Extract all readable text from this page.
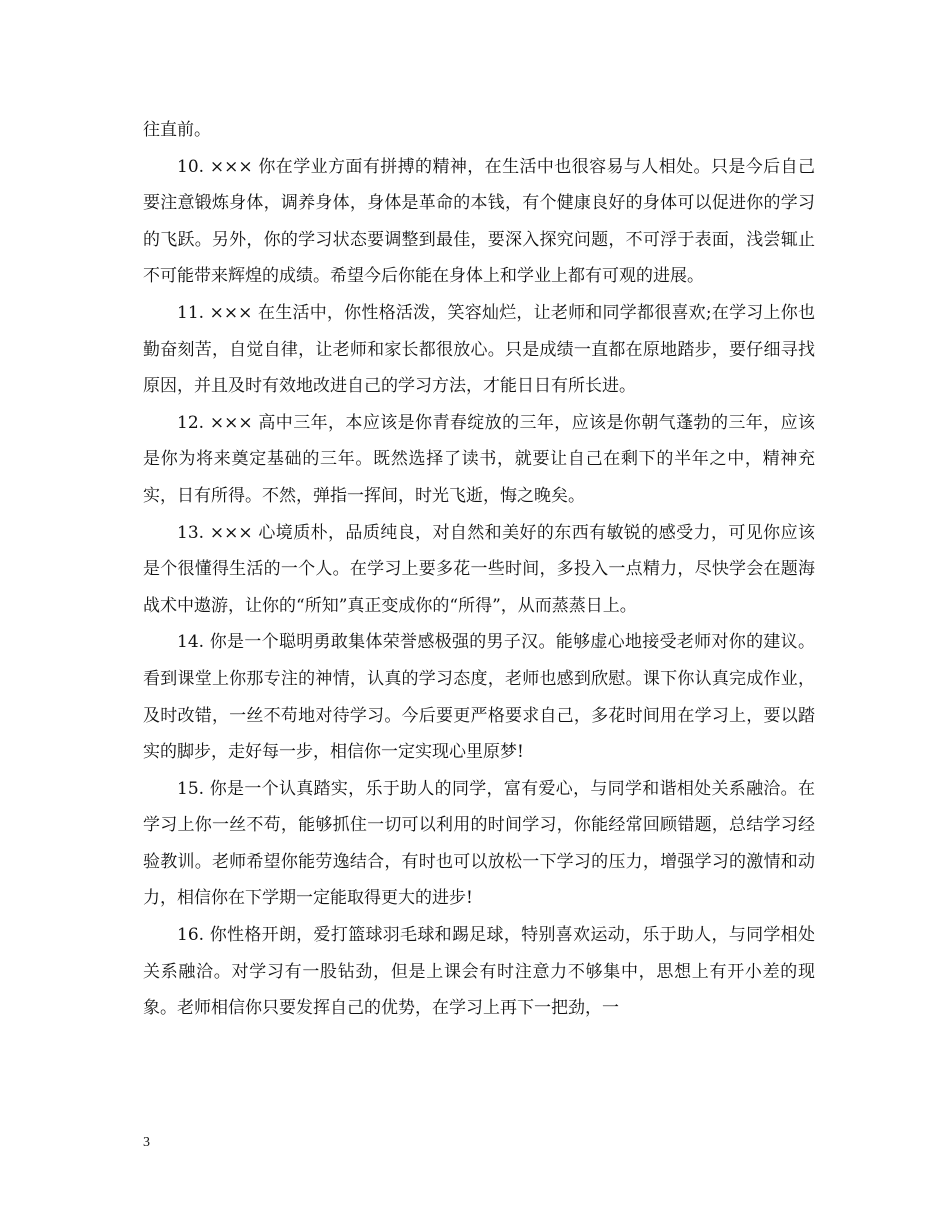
往直前。

10. ××× 你在学业方面有拼搏的精神，在生活中也很容易与人相处。只是今后自己要注意锻炼身体，调养身体，身体是革命的本钱，有个健康良好的身体可以促进你的学习的飞跃。另外，你的学习状态要调整到最佳，要深入探究问题，不可浮于表面，浅尝辄止不可能带来辉煌的成绩。希望今后你能在身体上和学业上都有可观的进展。

11. ××× 在生活中，你性格活泼，笑容灿烂，让老师和同学都很喜欢;在学习上你也勤奋刻苦，自觉自律，让老师和家长都很放心。只是成绩一直都在原地踏步，要仔细寻找原因，并且及时有效地改进自己的学习方法，才能日日有所长进。

12. ××× 高中三年，本应该是你青春绽放的三年，应该是你朝气蓬勃的三年，应该是你为将来奠定基础的三年。既然选择了读书，就要让自己在剩下的半年之中，精神充实，日有所得。不然，弹指一挥间，时光飞逝，悔之晚矣。

13. ××× 心境质朴，品质纯良，对自然和美好的东西有敏锐的感受力，可见你应该是个很懂得生活的一个人。在学习上要多花一些时间，多投入一点精力，尽快学会在题海战术中遨游，让你的“所知”真正变成你的“所得”，从而蒸蒸日上。

14. 你是一个聪明勇敢集体荣誉感极强的男子汉。能够虚心地接受老师对你的建议。看到课堂上你那专注的神情，认真的学习态度，老师也感到欣慰。课下你认真完成作业，及时改错，一丝不苟地对待学习。今后要更严格要求自己，多花时间用在学习上，要以踏实的脚步，走好每一步，相信你一定实现心里原梦!

15. 你是一个认真踏实，乐于助人的同学，富有爱心，与同学和谐相处关系融洽。在学习上你一丝不苟，能够抓住一切可以利用的时间学习，你能经常回顾错题，总结学习经验教训。老师希望你能劳逸结合，有时也可以放松一下学习的压力，增强学习的激情和动力，相信你在下学期一定能取得更大的进步!

16. 你性格开朗，爱打篮球羽毛球和踢足球，特别喜欢运动，乐于助人，与同学相处关系融洽。对学习有一股钻劲，但是上课会有时注意力不够集中，思想上有开小差的现象。老师相信你只要发挥自己的优势，在学习上再下一把劲，一

3
